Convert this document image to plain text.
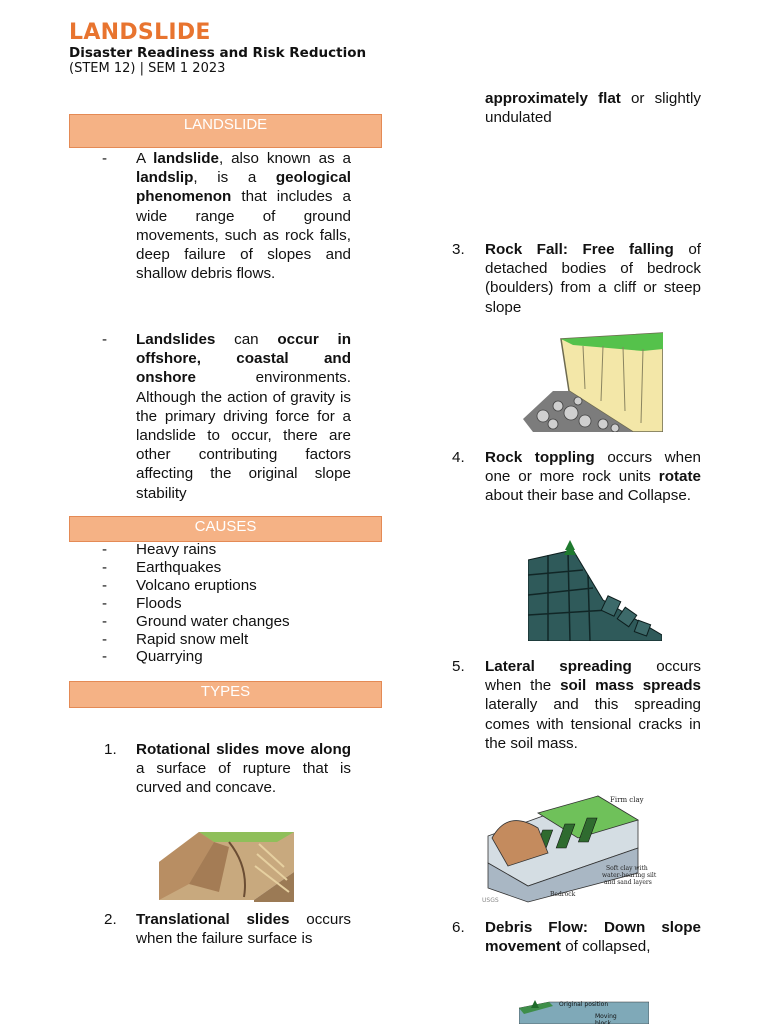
LANDSLIDE
Disaster Readiness and Risk Reduction
(STEM 12) | SEM 1 2023
LANDSLIDE
- A landslide, also known as a landslip, is a geological phenomenon that includes a wide range of ground movements, such as rock falls, deep failure of slopes and shallow debris flows.
- Landslides can occur in offshore, coastal and onshore environments. Although the action of gravity is the primary driving force for a landslide to occur, there are other contributing factors affecting the original slope stability
CAUSES
- Heavy rains
- Earthquakes
- Volcano eruptions
- Floods
- Ground water changes
- Rapid snow melt
- Quarrying
TYPES
1. Rotational slides move along a surface of rupture that is curved and concave.
2. Translational slides occurs when the failure surface is
approximately flat or slightly undulated
3. Rock Fall: Free falling of detached bodies of bedrock (boulders) from a cliff or steep slope
4. Rock toppling occurs when one or more rock units rotate about their base and Collapse.
5. Lateral spreading occurs when the soil mass spreads laterally and this spreading comes with tensional cracks in the soil mass.
Firm clay
Soft clay with
water-bearing silt
and sand layers
Bedrock
USGS
6. Debris Flow: Down slope movement of collapsed,
Original position
Moving
block
